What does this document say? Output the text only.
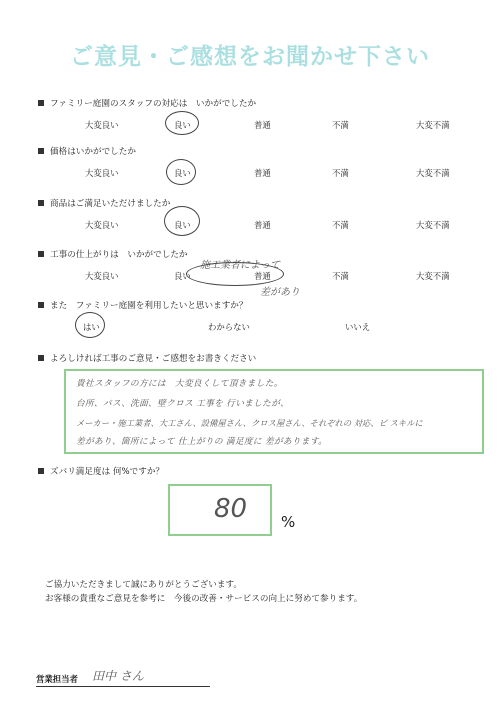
ご意見・ご感想をお聞かせ下さい
ファミリー庭園のスタッフの対応は　いかがでしたか
大変良い	良い	普通	不満	大変不満
価格はいかがでしたか
大変良い	良い	普通	不満	大変不満
商品はご満足いただけましたか
大変良い	良い	普通	不満	大変不満
工事の仕上がりは　いかがでしたか
大変良い	良い	普通	不満	大変不満
施工業者によって
差があり
また　ファミリー庭園を利用したいと思いますか？
はい	わからない	いいえ
よろしければ工事のご意見・ご感想をお書きください
貴社スタッフの方には　大変良くして頂きました。
台所、バス、洗面、壁クロス 工事を 行いましたが、
メーカー・施工業者、大工さん、設備屋さん、クロス屋さん、それぞれの 対応、ビ スキルに
差があり、箇所によって 仕上がりの 満足度に 差があります。
ズバリ満足度は 何%ですか？
80 %
ご協力いただきまして誠にありがとうございます。
お客様の貴重なご意見を参考に　今後の改善・サービスの向上に努めて参ります。
営業担当者 田中 さん
